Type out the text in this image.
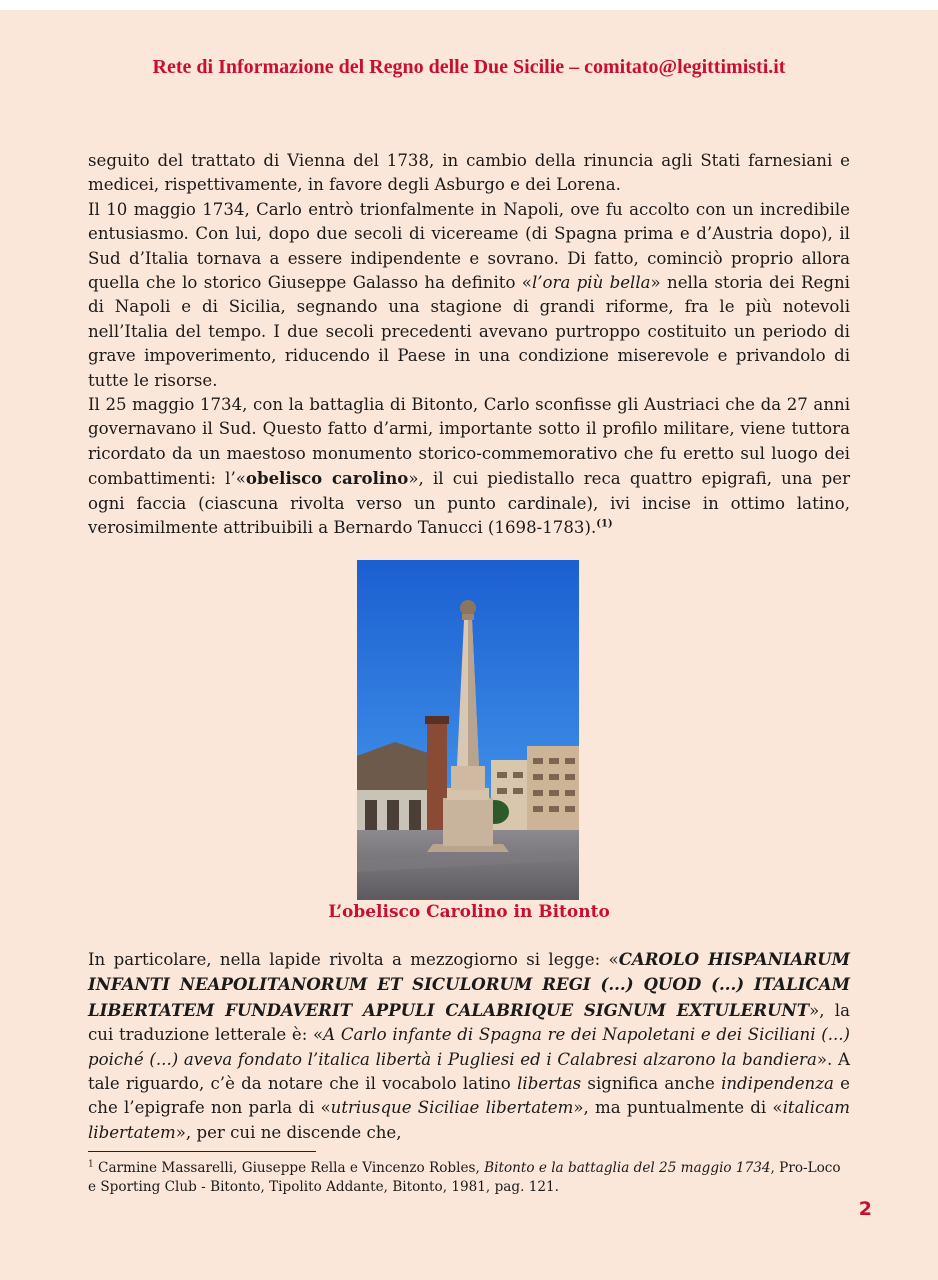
Rete di Informazione del Regno delle Due Sicilie – comitato@legittimisti.it

seguito del trattato di Vienna del 1738, in cambio della rinuncia agli Stati farnesiani e medicei, rispettivamente, in favore degli Asburgo e dei Lorena.

Il 10 maggio 1734, Carlo entrò trionfalmente in Napoli, ove fu accolto con un incredibile entusiasmo. Con lui, dopo due secoli di vicereame (di Spagna prima e d’Austria dopo), il Sud d’Italia tornava a essere indipendente e sovrano. Di fatto, cominciò proprio allora quella che lo storico Giuseppe Galasso ha definito «l’ora più bella» nella storia dei Regni di Napoli e di Sicilia, segnando una stagione di grandi riforme, fra le più notevoli nell’Italia del tempo. I due secoli precedenti avevano purtroppo costituito un periodo di grave impoverimento, riducendo il Paese in una condizione miserevole e privandolo di tutte le risorse.

Il 25 maggio 1734, con la battaglia di Bitonto, Carlo sconfisse gli Austriaci che da 27 anni governavano il Sud. Questo fatto d’armi, importante sotto il profilo militare, viene tuttora ricordato da un maestoso monumento storico-commemorativo che fu eretto sul luogo dei combattimenti: l’«obelisco carolino», il cui piedistallo reca quattro epigrafi, una per ogni faccia (ciascuna rivolta verso un punto cardinale), ivi incise in ottimo latino, verosimilmente attribuibili a Bernardo Tanucci (1698-1783).$^{(1)}$

L’obelisco Carolino in Bitonto

In particolare, nella lapide rivolta a mezzogiorno si legge: «CAROLO HISPANIARUM INFANTI NEAPOLITANORUM ET SICULORUM REGI (...) QUOD (...) ITALICAM LIBERTATEM FUNDAVERIT APPULI CALABRIQUE SIGNUM EXTULERUNT», la cui traduzione letterale è: «A Carlo infante di Spagna re dei Napoletani e dei Siciliani (...) poiché (...) aveva fondato l’italica libertà i Pugliesi ed i Calabresi alzarono la bandiera». A tale riguardo, c’è da notare che il vocabolo latino libertas significa anche indipendenza e che l’epigrafe non parla di «utriusque Siciliae libertatem», ma puntualmente di «italicam libertatem», per cui ne discende che,

$^1$ Carmine Massarelli, Giuseppe Rella e Vincenzo Robles, Bitonto e la battaglia del 25 maggio 1734, Pro-Loco e Sporting Club - Bitonto, Tipolito Addante, Bitonto, 1981, pag. 121.
2
